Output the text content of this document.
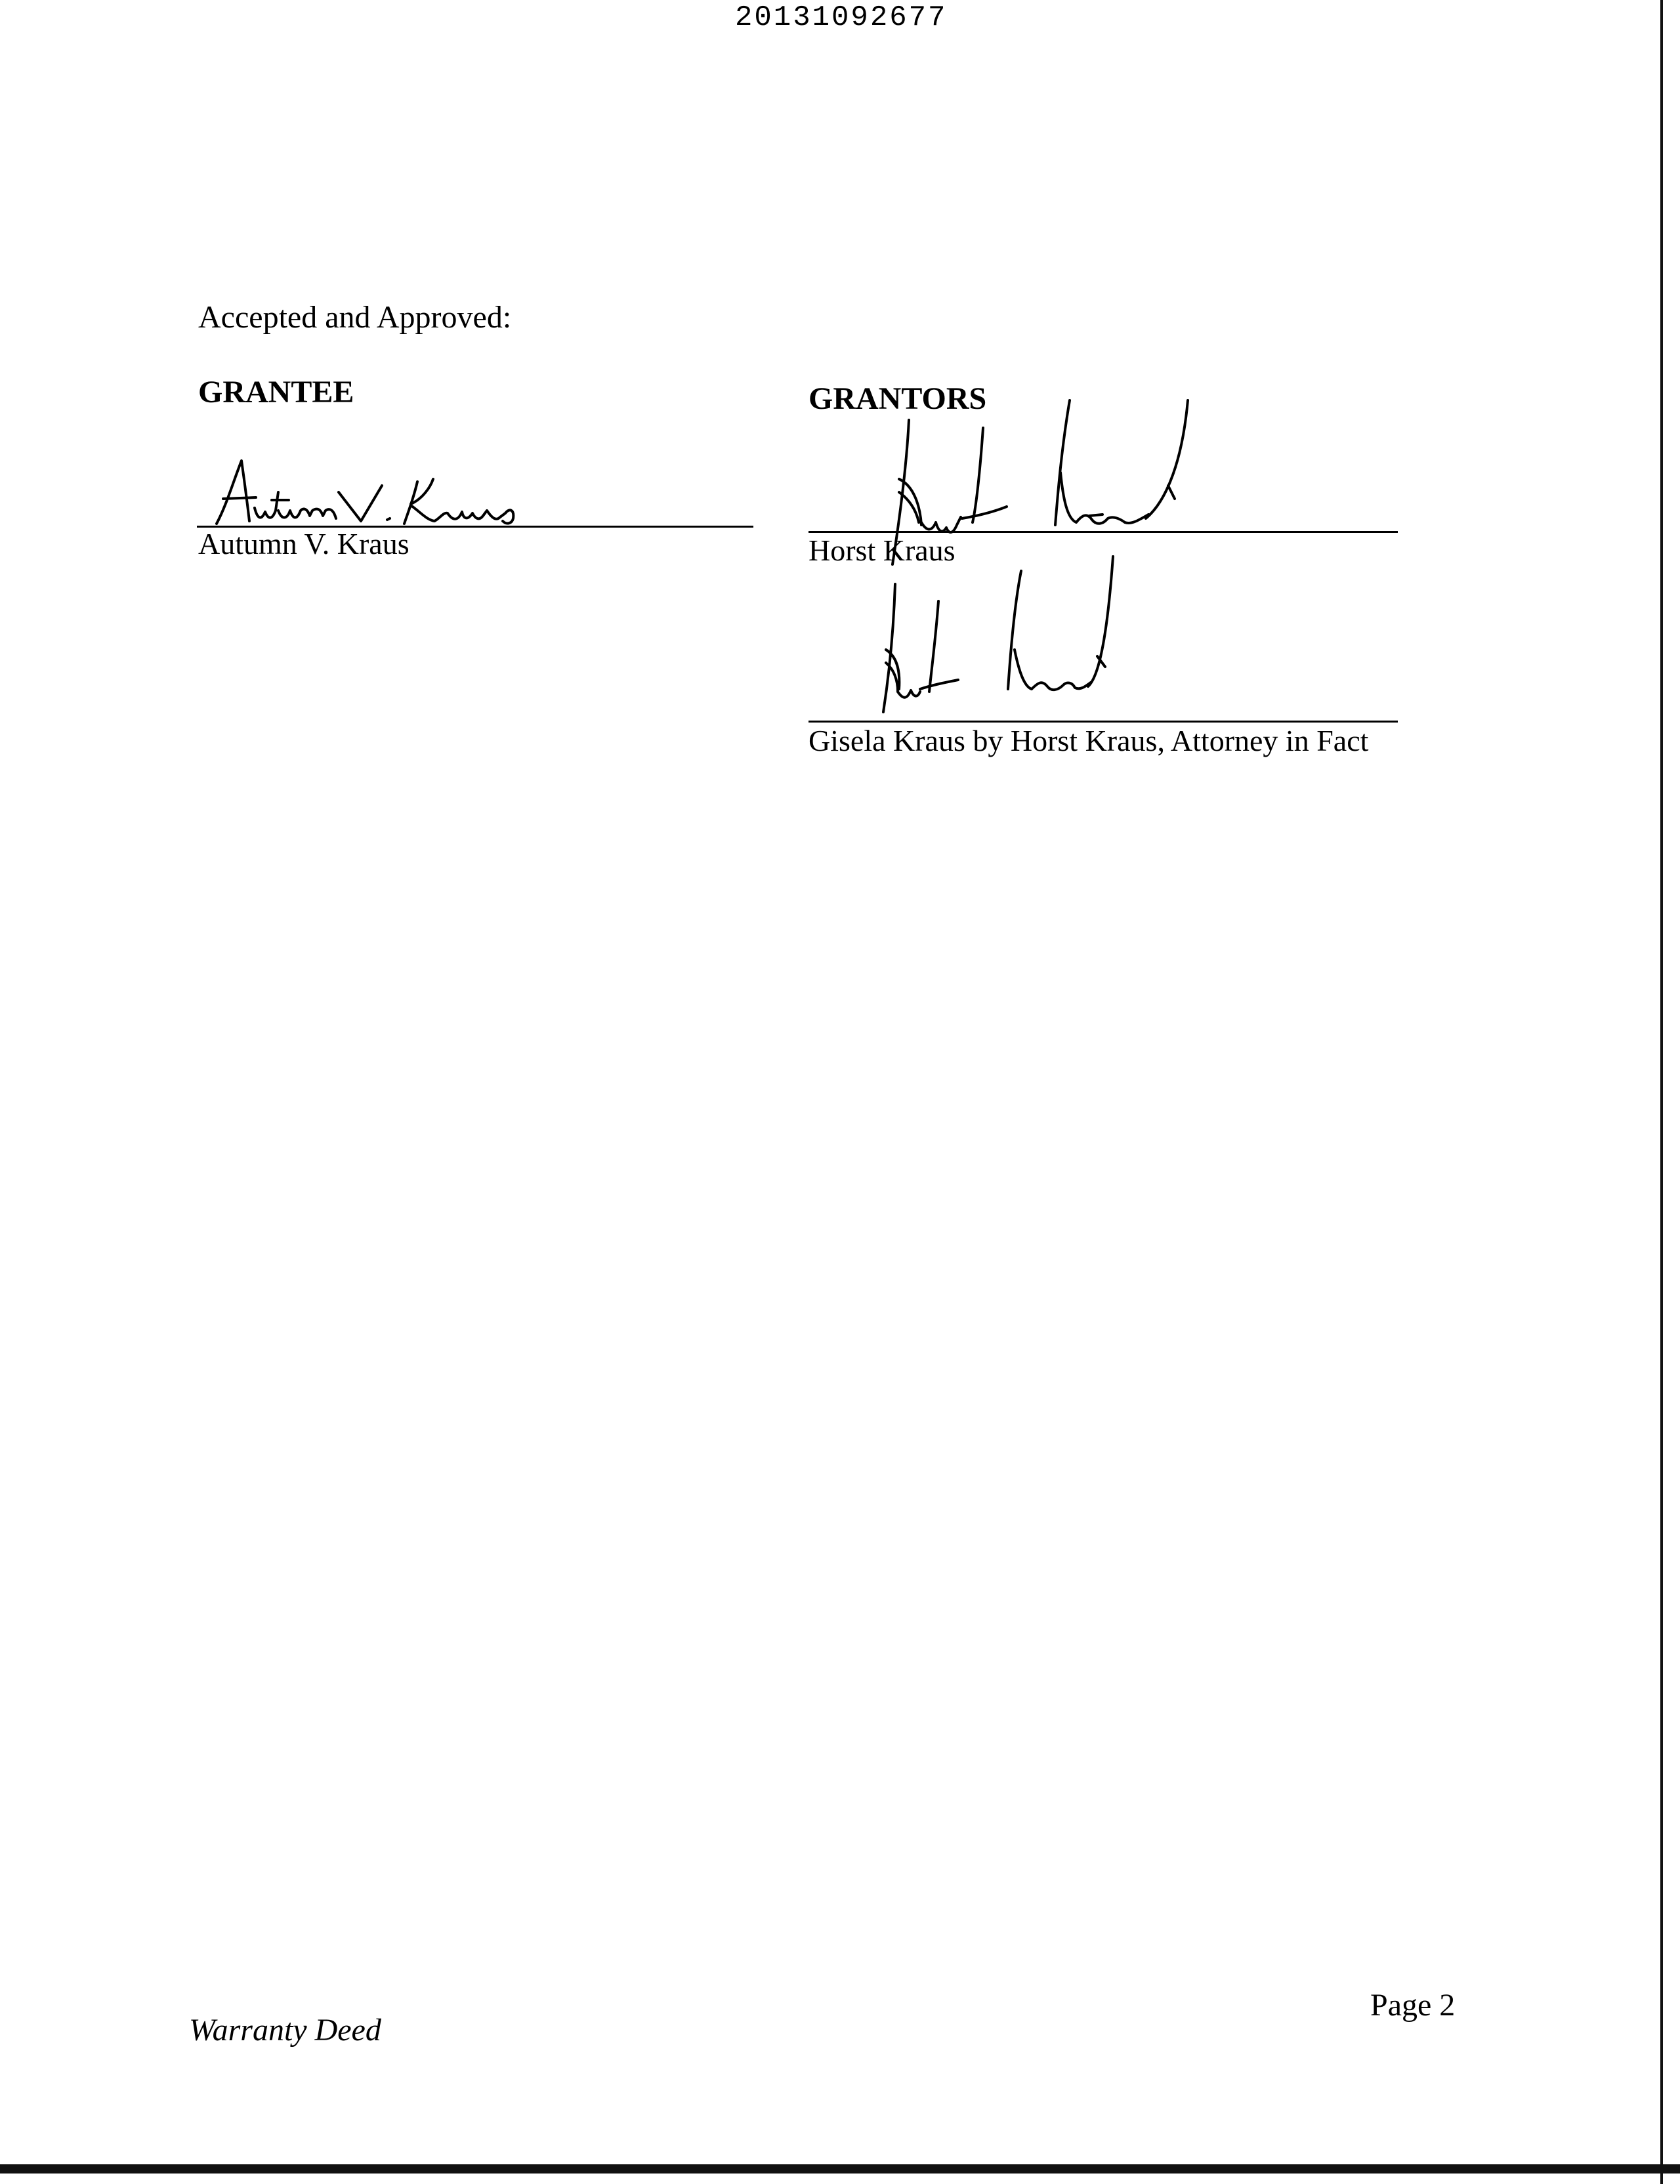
20131092677
Accepted and Approved:
GRANTEE	GRANTORS
Autumn V. Kraus	Horst Kraus
Gisela Kraus by Horst Kraus, Attorney in Fact
Warranty Deed
Page 2
